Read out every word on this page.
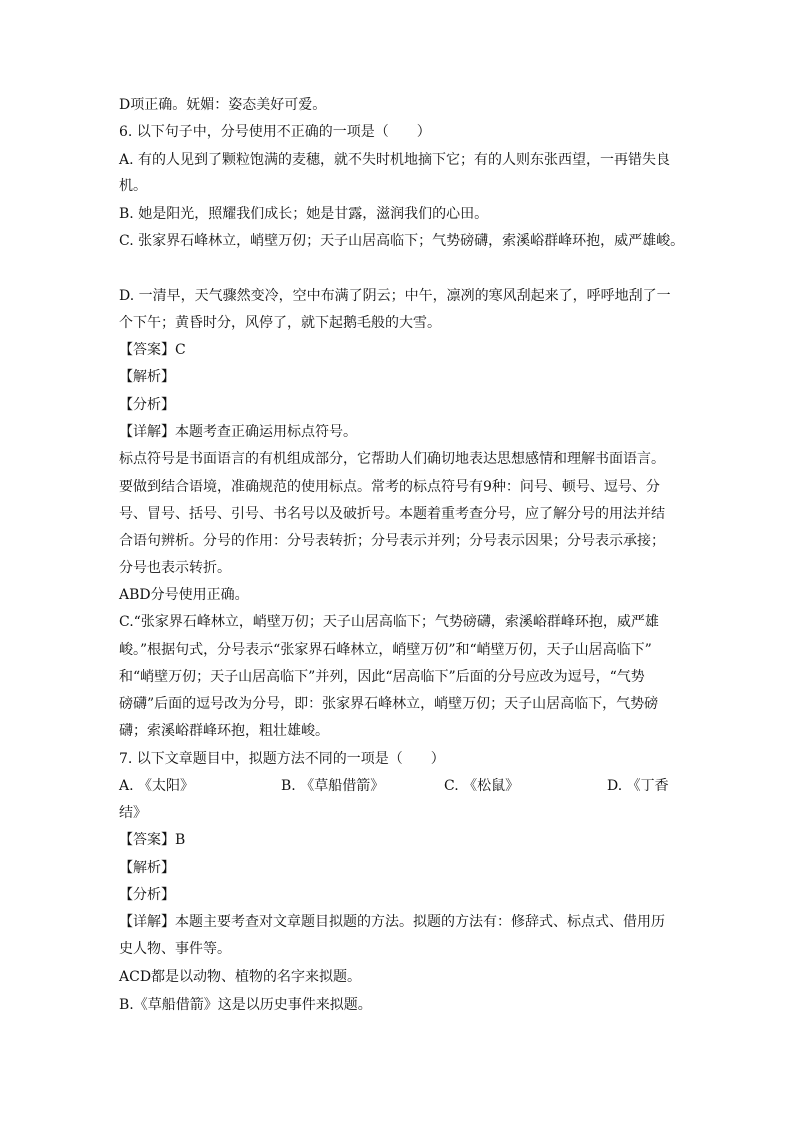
D项正确。妩媚：姿态美好可爱。
6. 以下句子中，分号使用不正确的一项是（　　）
A. 有的人见到了颗粒饱满的麦穗，就不失时机地摘下它；有的人则东张西望，一再错失良
机。
B. 她是阳光，照耀我们成长；她是甘露，滋润我们的心田。
C. 张家界石峰林立，峭壁万仞；天子山居高临下；气势磅礴，索溪峪群峰环抱，威严雄峻。
D. 一清早，天气骤然变冷，空中布满了阴云；中午，凛冽的寒风刮起来了，呼呼地刮了一
个下午；黄昏时分，风停了，就下起鹅毛般的大雪。
【答案】C
【解析】
【分析】
【详解】本题考查正确运用标点符号。
标点符号是书面语言的有机组成部分，它帮助人们确切地表达思想感情和理解书面语言。
要做到结合语境，准确规范的使用标点。常考的标点符号有9种：问号、顿号、逗号、分
号、冒号、括号、引号、书名号以及破折号。本题着重考查分号，应了解分号的用法并结
合语句辨析。分号的作用：分号表转折；分号表示并列；分号表示因果；分号表示承接；
分号也表示转折。
ABD分号使用正确。
C.“张家界石峰林立，峭壁万仞；天子山居高临下；气势磅礴，索溪峪群峰环抱，威严雄
峻。”根据句式，分号表示“张家界石峰林立，峭壁万仞”和“峭壁万仞，天子山居高临下”
和“峭壁万仞；天子山居高临下”并列，因此“居高临下”后面的分号应改为逗号，“气势
磅礴”后面的逗号改为分号，即：张家界石峰林立，峭壁万仞；天子山居高临下，气势磅
礴；索溪峪群峰环抱，粗壮雄峻。
7. 以下文章题目中，拟题方法不同的一项是（　　）
A. 《太阳》	B. 《草船借箭》	C. 《松鼠》	D. 《丁香
结》
【答案】B
【解析】
【分析】
【详解】本题主要考查对文章题目拟题的方法。拟题的方法有：修辞式、标点式、借用历
史人物、事件等。
ACD都是以动物、植物的名字来拟题。
B.《草船借箭》这是以历史事件来拟题。
